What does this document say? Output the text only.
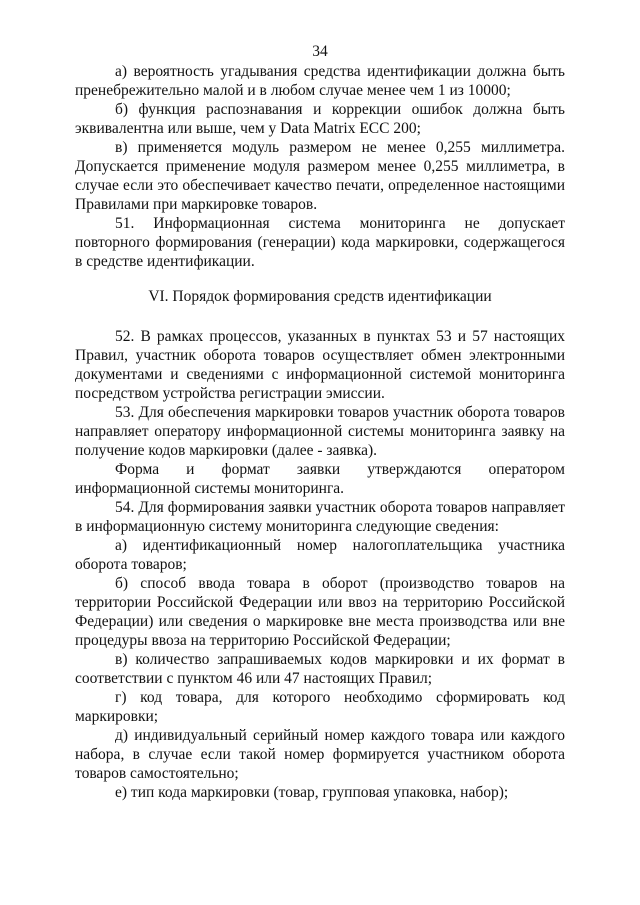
34

а) вероятность угадывания средства идентификации должна быть пренебрежительно малой и в любом случае менее чем 1 из 10000;

б) функция распознавания и коррекции ошибок должна быть эквивалентна или выше, чем у Data Matrix ЕСС 200;

в) применяется модуль размером не менее 0,255 миллиметра. Допускается применение модуля размером менее 0,255 миллиметра, в случае если это обеспечивает качество печати, определенное настоящими Правилами при маркировке товаров.

51. Информационная система мониторинга не допускает повторного формирования (генерации) кода маркировки, содержащегося в средстве идентификации.

VI. Порядок формирования средств идентификации

52. В рамках процессов, указанных в пунктах 53 и 57 настоящих Правил, участник оборота товаров осуществляет обмен электронными документами и сведениями с информационной системой мониторинга посредством устройства регистрации эмиссии.

53. Для обеспечения маркировки товаров участник оборота товаров направляет оператору информационной системы мониторинга заявку на получение кодов маркировки (далее - заявка).

Форма и формат заявки утверждаются оператором информационной системы мониторинга.

54. Для формирования заявки участник оборота товаров направляет в информационную систему мониторинга следующие сведения:

а) идентификационный номер налогоплательщика участника оборота товаров;

б) способ ввода товара в оборот (производство товаров на территории Российской Федерации или ввоз на территорию Российской Федерации) или сведения о маркировке вне места производства или вне процедуры ввоза на территорию Российской Федерации;

в) количество запрашиваемых кодов маркировки и их формат в соответствии с пунктом 46 или 47 настоящих Правил;

г) код товара, для которого необходимо сформировать код маркировки;

д) индивидуальный серийный номер каждого товара или каждого набора, в случае если такой номер формируется участником оборота товаров самостоятельно;

е) тип кода маркировки (товар, групповая упаковка, набор);
